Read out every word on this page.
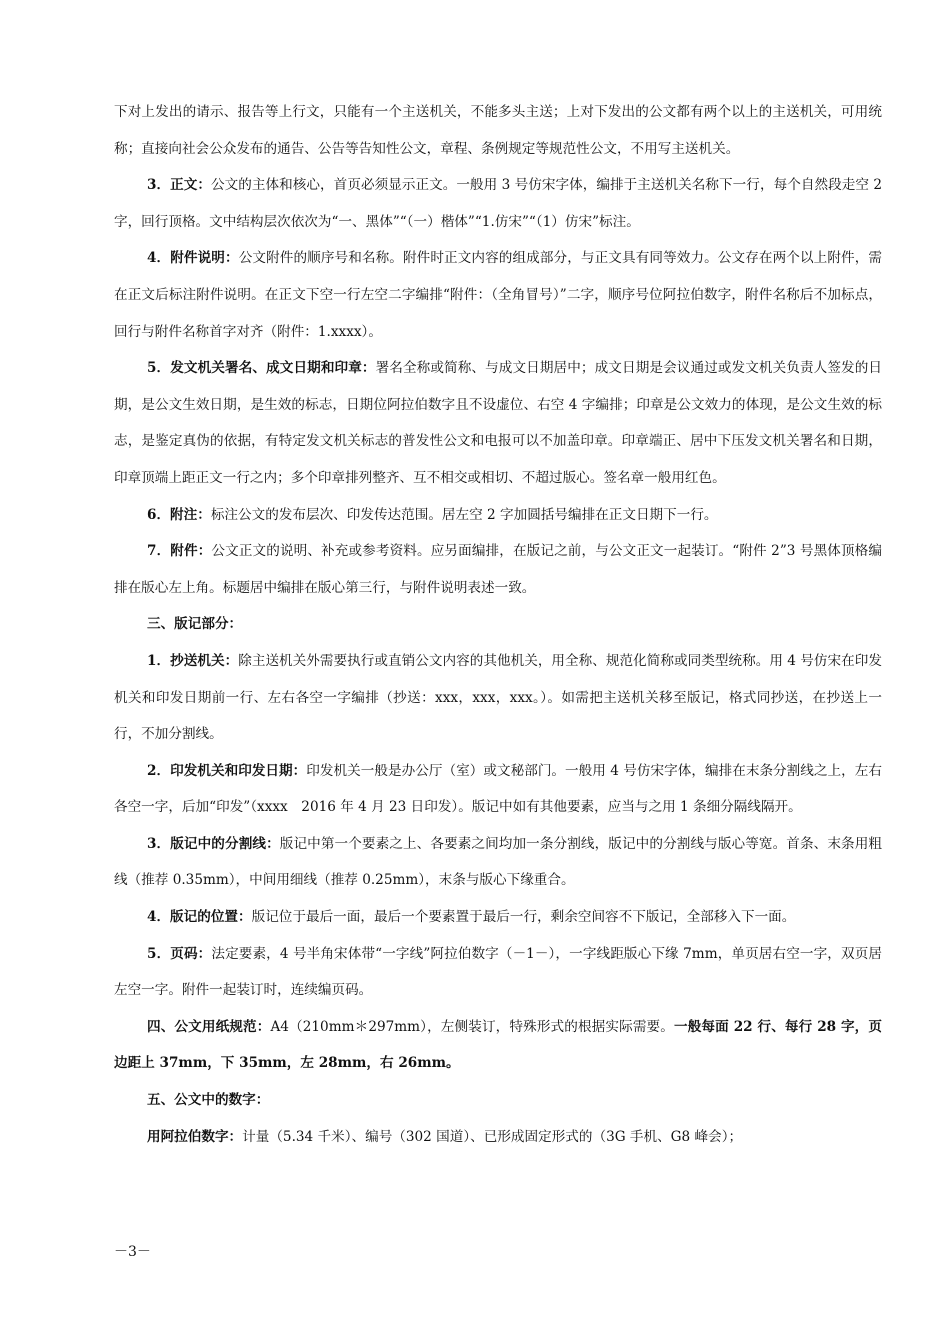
下对上发出的请示、报告等上行文，只能有一个主送机关，不能多头主送；上对下发出的公文都有两个以上的主送机关，可用统称；直接向社会公众发布的通告、公告等告知性公文，章程、条例规定等规范性公文，不用写主送机关。

3．正文：公文的主体和核心，首页必须显示正文。一般用 3 号仿宋字体，编排于主送机关名称下一行，每个自然段走空 2 字，回行顶格。文中结构层次依次为“一、黑体”“（一）楷体”“1.仿宋”“（1）仿宋”标注。

4．附件说明：公文附件的顺序号和名称。附件时正文内容的组成部分，与正文具有同等效力。公文存在两个以上附件，需在正文后标注附件说明。在正文下空一行左空二字编排“附件：（全角冒号）”二字，顺序号位阿拉伯数字，附件名称后不加标点，回行与附件名称首字对齐（附件：1.xxxx）。

5．发文机关署名、成文日期和印章：署名全称或简称、与成文日期居中；成文日期是会议通过或发文机关负责人签发的日期，是公文生效日期，是生效的标志，日期位阿拉伯数字且不设虚位、右空 4 字编排；印章是公文效力的体现，是公文生效的标志，是鉴定真伪的依据，有特定发文机关标志的普发性公文和电报可以不加盖印章。印章端正、居中下压发文机关署名和日期，印章顶端上距正文一行之内；多个印章排列整齐、互不相交或相切、不超过版心。签名章一般用红色。

6．附注：标注公文的发布层次、印发传达范围。居左空 2 字加圆括号编排在正文日期下一行。

7．附件：公文正文的说明、补充或参考资料。应另面编排，在版记之前，与公文正文一起装订。“附件 2”3 号黑体顶格编排在版心左上角。标题居中编排在版心第三行，与附件说明表述一致。

三、版记部分：

1．抄送机关：除主送机关外需要执行或直销公文内容的其他机关，用全称、规范化简称或同类型统称。用 4 号仿宋在印发机关和印发日期前一行、左右各空一字编排（抄送：xxx，xxx，xxx。）。如需把主送机关移至版记，格式同抄送，在抄送上一行，不加分割线。

2．印发机关和印发日期：印发机关一般是办公厅（室）或文秘部门。一般用 4 号仿宋字体，编排在末条分割线之上，左右各空一字，后加“印发”（xxxx　2016 年 4 月 23 日印发）。版记中如有其他要素，应当与之用 1 条细分隔线隔开。

3．版记中的分割线：版记中第一个要素之上、各要素之间均加一条分割线，版记中的分割线与版心等宽。首条、末条用粗线（推荐 0.35mm），中间用细线（推荐 0.25mm），末条与版心下缘重合。

4．版记的位置：版记位于最后一面，最后一个要素置于最后一行，剩余空间容不下版记，全部移入下一面。

5．页码：法定要素，4 号半角宋体带“一字线”阿拉伯数字（－1－），一字线距版心下缘 7mm，单页居右空一字，双页居左空一字。附件一起装订时，连续编页码。

四、公文用纸规范：A4（210mm＊297mm），左侧装订，特殊形式的根据实际需要。一般每面 22 行、每行 28 字，页边距上 37mm，下 35mm，左 28mm，右 26mm。

五、公文中的数字：

用阿拉伯数字：计量（5.34 千米）、编号（302 国道）、已形成固定形式的（3G 手机、G8 峰会）；

－3－
